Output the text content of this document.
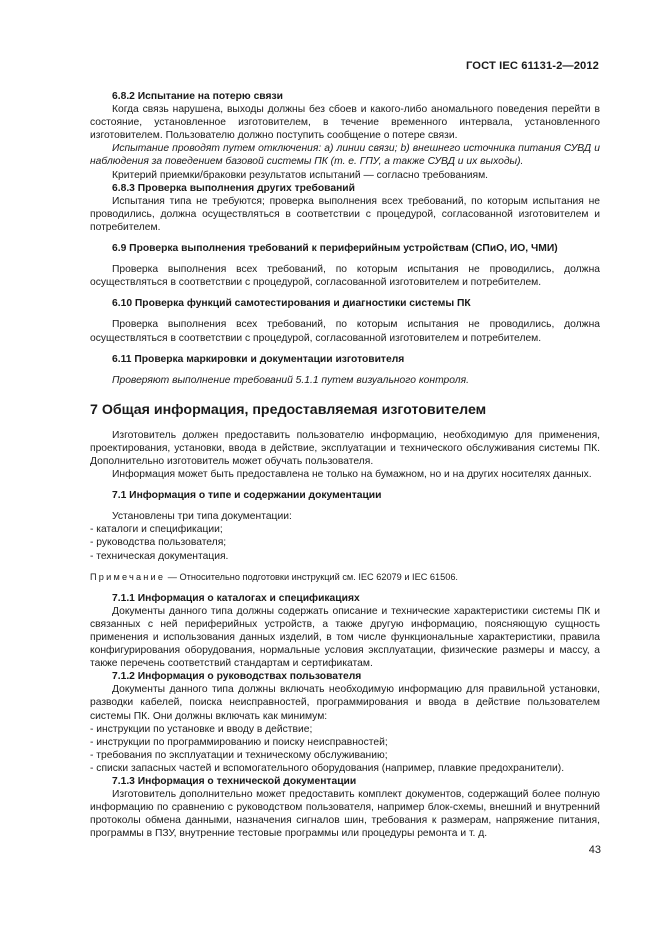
ГОСТ IEC 61131-2—2012

6.8.2 Испытание на потерю связи

Когда связь нарушена, выходы должны без сбоев и какого-либо аномального поведения перейти в состояние, установленное изготовителем, в течение временного интервала, установленного изготовителем. Пользователю должно поступить сообщение о потере связи.

Испытание проводят путем отключения: a) линии связи; b) внешнего источника питания СУВД и наблюдения за поведением базовой системы ПК (т. е. ГПУ, а также СУВД и их выходы).

Критерий приемки/браковки результатов испытаний — согласно требованиям.

6.8.3 Проверка выполнения других требований

Испытания типа не требуются; проверка выполнения всех требований, по которым испытания не проводились, должна осуществляться в соответствии с процедурой, согласованной изготовителем и потребителем.

6.9 Проверка выполнения требований к периферийным устройствам (СПиО, ИО, ЧМИ)

Проверка выполнения всех требований, по которым испытания не проводились, должна осуществляться в соответствии с процедурой, согласованной изготовителем и потребителем.

6.10 Проверка функций самотестирования и диагностики системы ПК

Проверка выполнения всех требований, по которым испытания не проводились, должна осуществляться в соответствии с процедурой, согласованной изготовителем и потребителем.

6.11 Проверка маркировки и документации изготовителя

Проверяют выполнение требований 5.1.1 путем визуального контроля.

7 Общая информация, предоставляемая изготовителем

Изготовитель должен предоставить пользователю информацию, необходимую для применения, проектирования, установки, ввода в действие, эксплуатации и технического обслуживания системы ПК. Дополнительно изготовитель может обучать пользователя.

Информация может быть предоставлена не только на бумажном, но и на других носителях данных.

7.1 Информация о типе и содержании документации

Установлены три типа документации:

- каталоги и спецификации;
- руководства пользователя;
- техническая документация.

Примечание — Относительно подготовки инструкций см. IEC 62079 и IEC 61506.

7.1.1 Информация о каталогах и спецификациях

Документы данного типа должны содержать описание и технические характеристики системы ПК и связанных с ней периферийных устройств, а также другую информацию, поясняющую сущность применения и использования данных изделий, в том числе функциональные характеристики, правила конфигурирования оборудования, нормальные условия эксплуатации, физические размеры и массу, а также перечень соответствий стандартам и сертификатам.

7.1.2 Информация о руководствах пользователя

Документы данного типа должны включать необходимую информацию для правильной установки, разводки кабелей, поиска неисправностей, программирования и ввода в действие пользователем системы ПК. Они должны включать как минимум:

- инструкции по установке и вводу в действие;
- инструкции по программированию и поиску неисправностей;
- требования по эксплуатации и техническому обслуживанию;
- списки запасных частей и вспомогательного оборудования (например, плавкие предохранители).

7.1.3 Информация о технической документации

Изготовитель дополнительно может предоставить комплект документов, содержащий более полную информацию по сравнению с руководством пользователя, например блок-схемы, внешний и внутренний протоколы обмена данными, назначения сигналов шин, требования к размерам, напряжение питания, программы в ПЗУ, внутренние тестовые программы или процедуры ремонта и т. д.

43
